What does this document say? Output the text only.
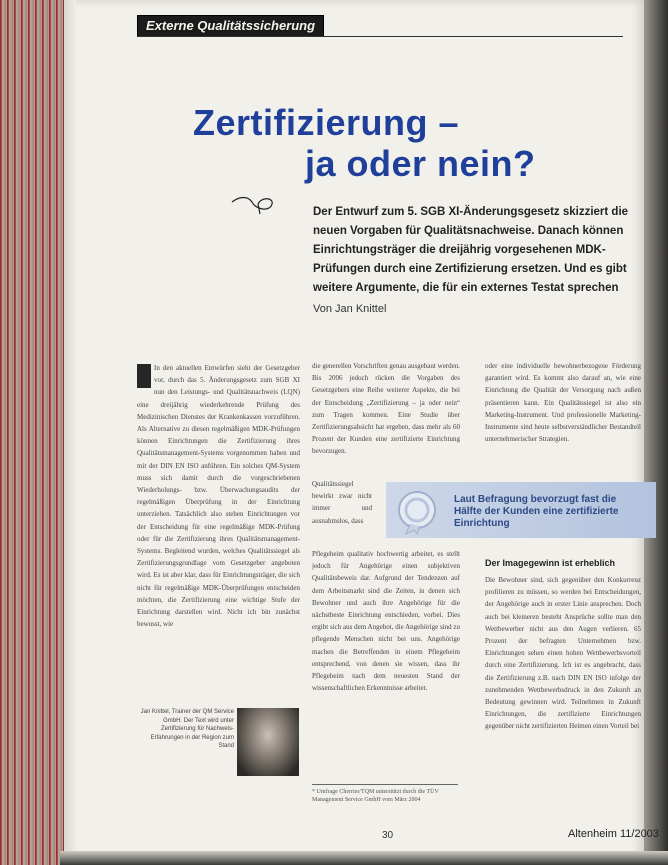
Externe Qualitätssicherung
Zertifizierung –
ja oder nein?
Der Entwurf zum 5. SGB XI-Änderungsgesetz skizziert die neuen Vorgaben für Qualitätsnachweise. Danach können Einrichtungsträger die dreijährig vorgesehenen MDK-Prüfungen durch eine Zertifizierung ersetzen. Und es gibt weitere Argumente, die für ein externes Testat sprechen
Von Jan Knittel
In den aktuellen Entwürfen sieht der Gesetzgeber vor, durch das 5. Änderungsgesetz zum SGB XI nun den Leistungs- und Qualitätsnachweis (LQN) eine dreijährig wiederkehrende Prüfung des Medizinischen Dienstes der Krankenkassen vorzuführen. Als Alternative zu diesen regelmäßigen MDK-Prüfungen können Einrichtungen die Zertifizierung ihres Qualitätsmanagement-Systems vorgenommen haben und mit der DIN EN ISO anführen. Ein solches QM-System muss sich damit durch die vorgeschriebenen Wiederholungs- bzw. Überwachungsaudits der regelmäßigen Überprüfung in der Einrichtung unterziehen. Tatsächlich also stehen Einrichtungen vor der Entscheidung für eine regelmäßige MDK-Prüfung oder für die Zertifizierung ihres Qualitätsmanagement-Systems. Begleitend wurden, welches Qualitätssiegel als Zertifizierungsgrundlage vom Gesetzgeber angeboten wird. Es ist aber klar, dass für Einrichtungsträger, die sich nicht für regelmäßige MDK-Überprüfungen entscheiden möchten, die Zertifizierung eine wichtige Stufe der Einrichtung darstellen wird. Nicht ich bin zunächst bewusst, wie
die generellen Vorschriften genau ausgebaut werden. Bis 2006 jedoch rücken die Vorgaben des Gesetzgebers eine Reihe weiterer Aspekte, die bei der Entscheidung „Zertifizierung – ja oder nein“ zum Tragen kommen. Eine Studie über Zertifizierungsabsicht hat ergeben, dass mehr als 60 Prozent der Kunden eine zertifizierte Einrichtung bevorzugen.
Qualitätssiegel bewirkt zwar nicht immer und ausnahmslos, dass
Pflegeheim qualitativ hochwertig arbeitet, es stellt jedoch für Angehörige einen subjektiven Qualitätsbeweis dar. Aufgrund der Tendenzen auf dem Arbeitsmarkt sind die Zeiten, in denen sich Bewohner und auch ihre Angehörige für die nächstbeste Einrichtung entschieden, vorbei. Dies ergibt sich aus dem Angebot, die Angehörige sind zu pflegende Menschen nicht bei uns. Angehörige machen die Betreffenden in einem Pflegeheim entsprechend, von denen sie wissen, dass ihr Pflegeheim nach dem neuesten Stand der wissenschaftlichen Erkenntnisse arbeitet.
oder eine individuelle bewohnerbezogene Förderung garantiert wird. Es kommt also darauf an, wie eine Einrichtung die Qualität der Versorgung nach außen präsentieren kann. Ein Qualitätssiegel ist also ein Marketing-Instrument. Und professionelle Marketing-Instrumente sind heute selbstverständlicher Bestandteil unternehmerischer Strategien.
Laut Befragung bevorzugt fast die Hälfte der Kunden eine zertifizierte Einrichtung
Der Imagegewinn ist erheblich
Die Bewohner sind, sich gegenüber den Konkurrenz profilieren zu müssen, so werden bei Entscheidungen, der Angehörige auch in erster Linie ansprechen. Doch auch bei kleineren besteht Ansprüche sollte man den Wettbewerber nicht aus den Augen verlieren. 65 Prozent der befragten Unternehmen bzw. Einrichtungen sehen einen hohen Wettbewerbsvorteil durch eine Zertifizierung. Ich ist es angebracht, dass die Zertifizierung z.B. nach DIN EN ISO infolge der zunehmenden Wettbewerbsdruck in den Zukunft an Bedeutung gewinnen wird. Teilnehmen in Zukunft Einrichtungen, die zertifizierte Einrichtungen gegenüber nicht zertifizierten Heimen einen Vorteil bei
Jan Knittel, Trainer der QM Service GmbH. Der Text wird unter Zertifizierung für Nachweis-Erfahrungen in der Region zum Stand
* Umfrage Cherrier/TQM unterstützt durch die TÜV Management Service GmbH vom März 2004
30	Altenheim 11/2003
